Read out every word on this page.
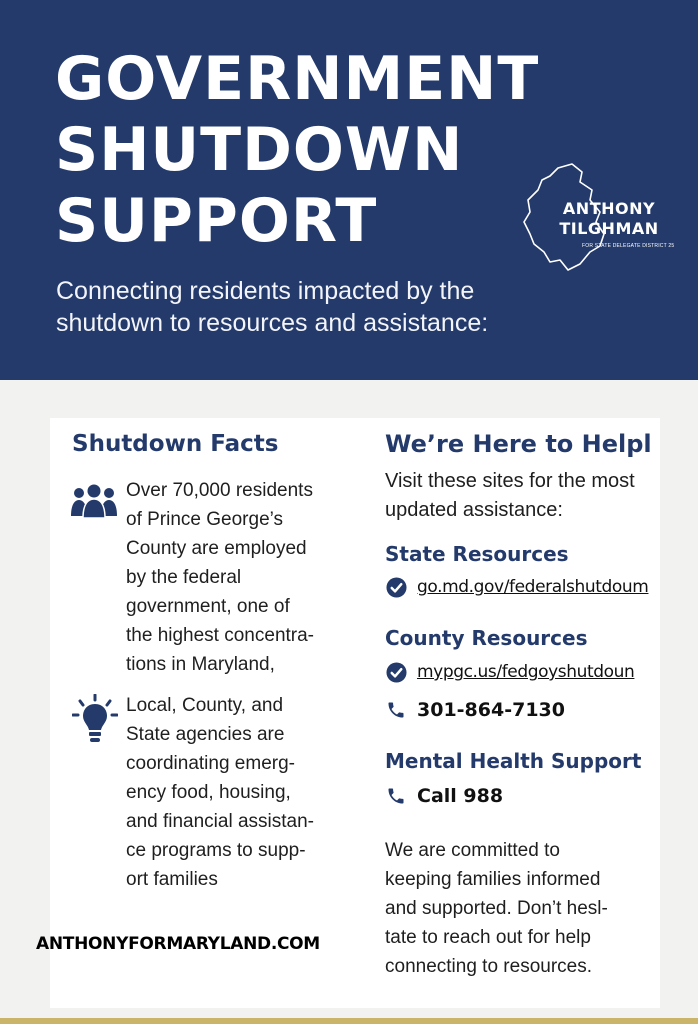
GOVERNMENT
SHUTDOWN
SUPPORT
Connecting residents impacted by the shutdown to resources and assistance:
ANTHONY
TILGHMAN
FOR STATE DELEGATE DISTRICT 25
Shutdown Facts
Over 70,000 residents
of Prince George’s
County are employed
by the federal
government, one of
the highest concentra-
tions in Maryland,
Local, County, and
State agencies are
coordinating emerg-
ency food, housing,
and financial assistan-
ce programs to supp-
ort families
ANTHONYFORMARYLAND.COM
We’re Here to Helpl
Visit these sites for the most
updated assistance:
State Resources
go.md.gov/federalshutdoum
County Resources
mypgc.us/fedgoyshutdoun
301-864-7130
Mental Health Support
Call 988
We are committed to
keeping families informed
and supported. Don’t hesl-
tate to reach out for help
connecting to resources.
